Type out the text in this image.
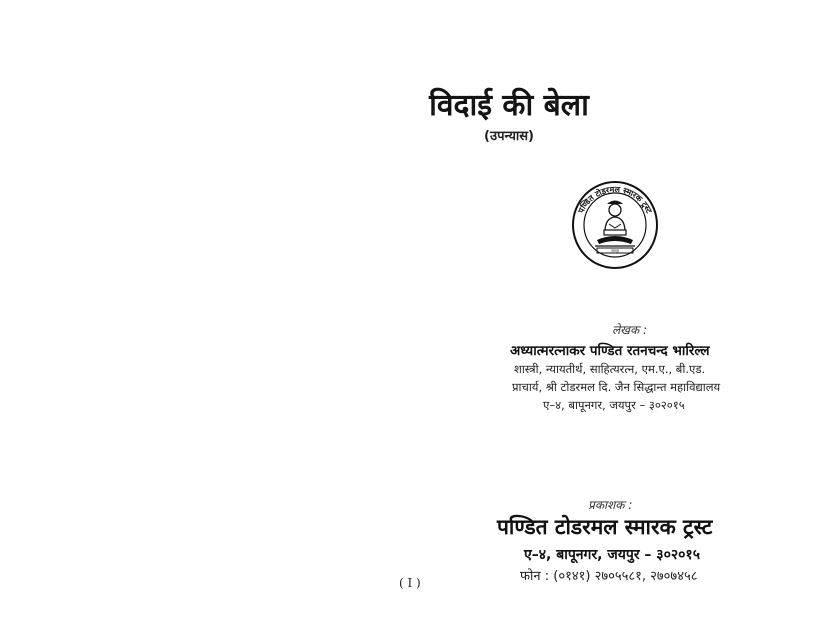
विदाई की बेला
(उपन्यास)
पण्डित टोडरमल स्मारक ट्रस्ट
जयपुर
लेखक :
अध्यात्मरत्नाकर पण्डित रतनचन्द भारिल्ल
शास्त्री, न्यायतीर्थ, साहित्यरत्न, एम.ए., बी.एड.
प्राचार्य, श्री टोडरमल दि. जैन सिद्धान्त महाविद्यालय
ए–४, बापूनगर, जयपुर – ३०२०१५
प्रकाशक :
पण्डित टोडरमल स्मारक ट्रस्ट
ए–४, बापूनगर, जयपुर – ३०२०१५
फोन : (०१४१) २७०५५८१, २७०७४५८
( I )
